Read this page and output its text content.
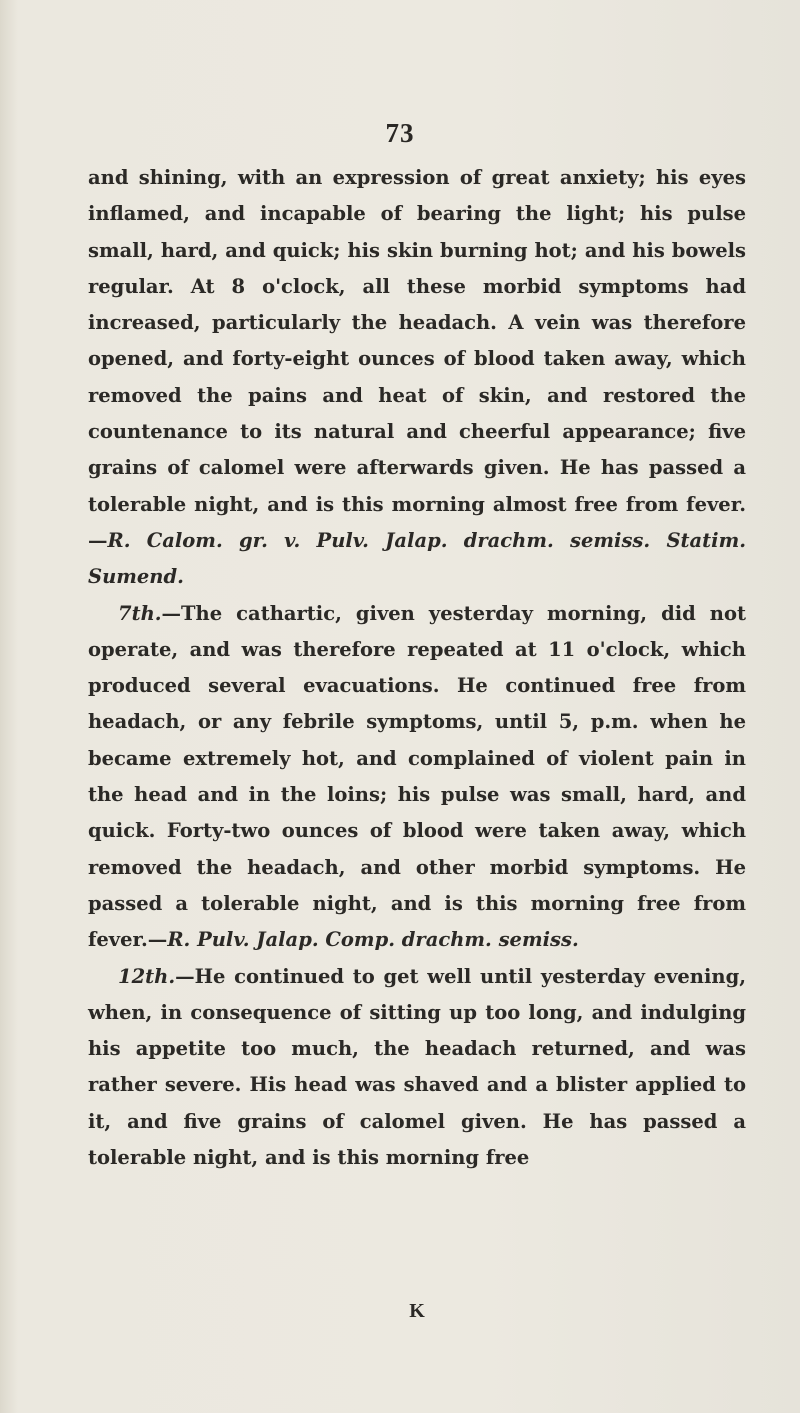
73

and shining, with an expression of great anxiety; his eyes inflamed, and incapable of bearing the light; his pulse small, hard, and quick; his skin burning hot; and his bowels regular. At 8 o'clock, all these morbid symptoms had increased, particularly the headach. A vein was therefore opened, and forty-eight ounces of blood taken away, which removed the pains and heat of skin, and restored the countenance to its natural and cheerful appearance; five grains of calomel were afterwards given. He has passed a tolerable night, and is this morning almost free from fever.—R. Calom. gr. v. Pulv. Jalap. drachm. semiss. Statim. Sumend.

7th.—The cathartic, given yesterday morning, did not operate, and was therefore repeated at 11 o'clock, which produced several evacuations. He continued free from headach, or any febrile symptoms, until 5, p.m. when he became extremely hot, and complained of violent pain in the head and in the loins; his pulse was small, hard, and quick. Forty-two ounces of blood were taken away, which removed the headach, and other morbid symptoms. He passed a tolerable night, and is this morning free from fever.—R. Pulv. Jalap. Comp. drachm. semiss.

12th.—He continued to get well until yesterday evening, when, in consequence of sitting up too long, and indulging his appetite too much, the headach returned, and was rather severe. His head was shaved and a blister applied to it, and five grains of calomel given. He has passed a tolerable night, and is this morning free

K
